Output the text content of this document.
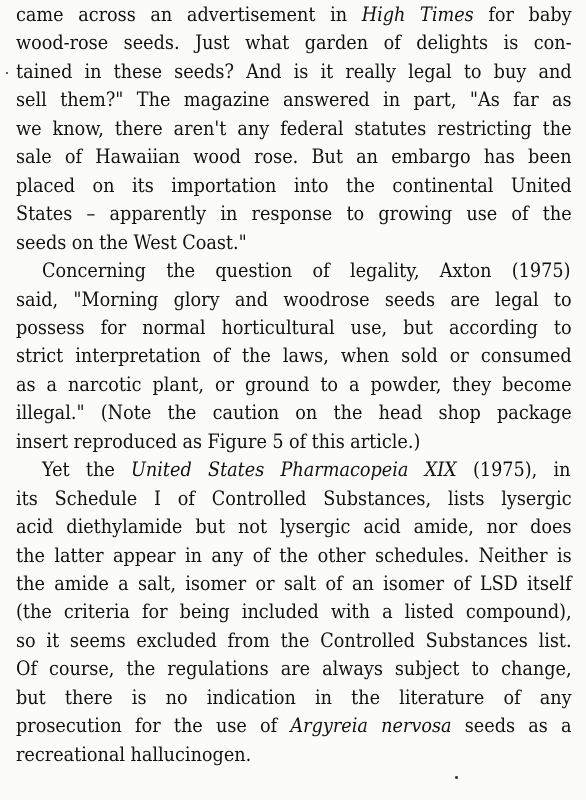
came across an advertisement in High Times for baby
wood-rose seeds. Just what garden of delights is con-
tained in these seeds? And is it really legal to buy and
sell them?" The magazine answered in part, "As far as
we know, there aren't any federal statutes restricting the
sale of Hawaiian wood rose. But an embargo has been
placed on its importation into the continental United
States – apparently in response to growing use of the
seeds on the West Coast."
Concerning the question of legality, Axton (1975)
said, "Morning glory and woodrose seeds are legal to
possess for normal horticultural use, but according to
strict interpretation of the laws, when sold or consumed
as a narcotic plant, or ground to a powder, they become
illegal." (Note the caution on the head shop package
insert reproduced as Figure 5 of this article.)
Yet the United States Pharmacopeia XIX (1975), in
its Schedule I of Controlled Substances, lists lysergic
acid diethylamide but not lysergic acid amide, nor does
the latter appear in any of the other schedules. Neither is
the amide a salt, isomer or salt of an isomer of LSD itself
(the criteria for being included with a listed compound),
so it seems excluded from the Controlled Substances list.
Of course, the regulations are always subject to change,
but there is no indication in the literature of any
prosecution for the use of Argyreia nervosa seeds as a
recreational hallucinogen.
